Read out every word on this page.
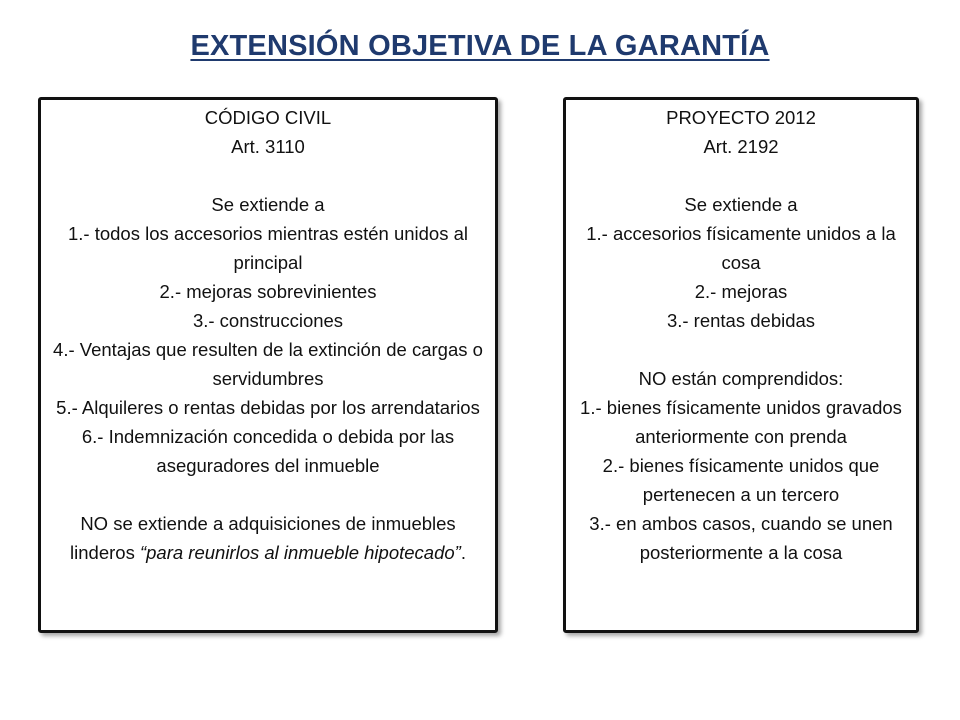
EXTENSIÓN OBJETIVA DE LA GARANTÍA
CÓDIGO CIVIL
Art. 3110
Se extiende a
1.- todos los accesorios mientras estén unidos al principal
2.- mejoras sobrevinientes
3.- construcciones
4.- Ventajas que resulten de la extinción de cargas o servidumbres
5.- Alquileres o rentas debidas por los arrendatarios
6.- Indemnización concedida o debida por las aseguradores del inmueble
NO se extiende a adquisiciones de inmuebles linderos “para reunirlos al inmueble hipotecado”.
PROYECTO 2012
Art. 2192
Se extiende a
1.- accesorios físicamente unidos a la cosa
2.- mejoras
3.- rentas debidas
NO están comprendidos:
1.- bienes físicamente unidos gravados anteriormente con prenda
2.- bienes físicamente unidos que pertenecen a un tercero
3.- en ambos casos, cuando se unen posteriormente a la cosa
